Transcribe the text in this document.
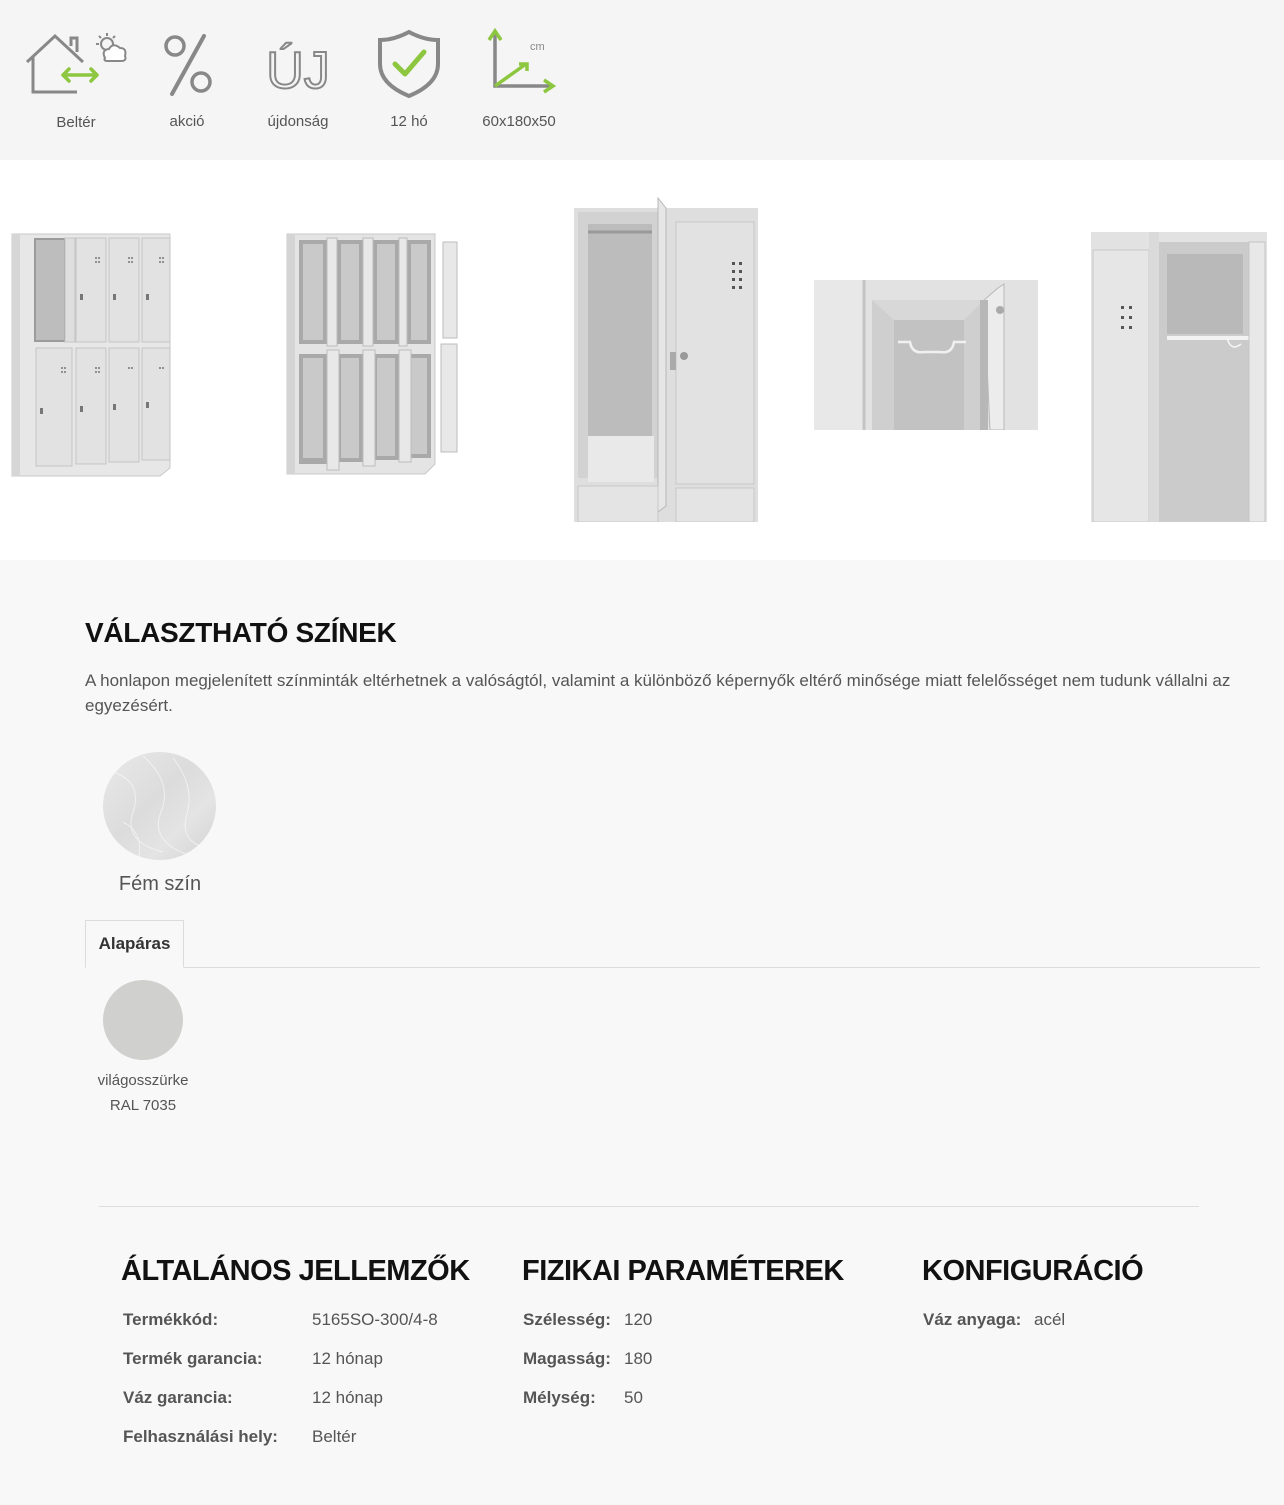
Beltér	akció
ÚJ
újdonság	12 hó
cm
60x180x50
VÁLASZTHATÓ SZÍNEK

A honlapon megjelenített színminták eltérhetnek a valóságtól, valamint a különböző képernyők eltérő minősége miatt felelősséget nem tudunk vállalni az egyezésért.

Fém szín
Alapáras
világosszürke
RAL 7035
ÁLTALÁNOS JELLEMZŐK FIZIKAI PARAMÉTEREK	KONFIGURÁCIÓ
Termékkód:	5165SO-300/4-8
Termék garancia:	12 hónap
Váz garancia:	12 hónap
Felhasználási hely: Beltér
Szélesség: 120
Magasság: 180
Mélység: 50
Váz anyaga: acél
